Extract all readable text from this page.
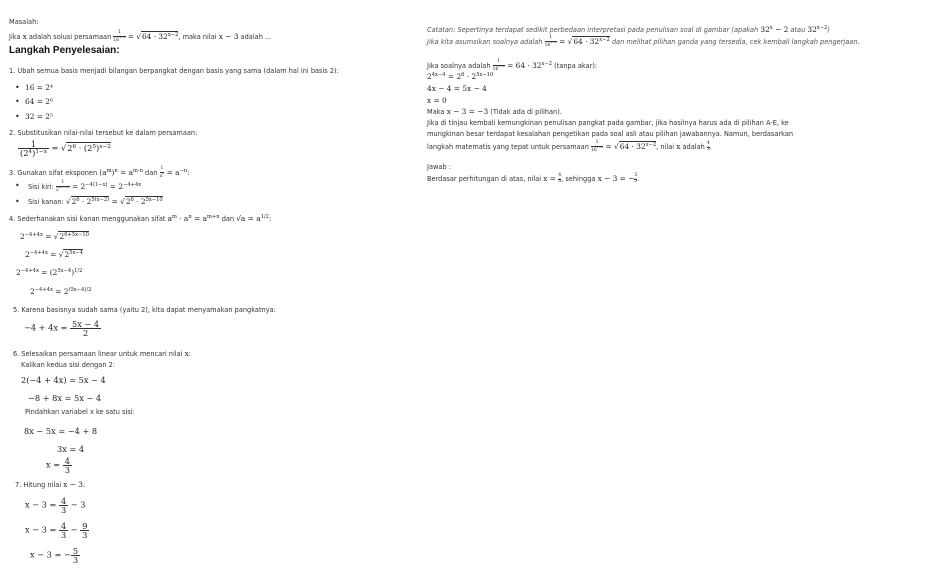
Masalah:
Jika x adalah solusi persamaan $\frac{1}{16^{1-x}} = √64 \cdot 32^{x-2}$, maka nilai x − 3 adalah ...
Langkah Penyelesaian:
1. Ubah semua basis menjadi bilangan berpangkat dengan basis yang sama (dalam hal ini basis 2):
• 16 = 2⁴
• 64 = 2⁶
• 32 = 2⁵
2. Substitusikan nilai-nilai tersebut ke dalam persamaan:
$\frac{1}{(2^4)^{1-x}} = √2^6 \cdot (2^5)^{x-2}$
3. Gunakan sifat eksponen $(a^m)^n = a^{m\cdot n}$ dan $\frac{1}{a^n} = a^{-n}$:
• Sisi kiri: $\frac{1}{2^{4(1-x)}} = 2^{-4(1-x)} = 2^{-4+4x}$
• Sisi kanan: $√2^6 \cdot 2^{5(x-2)} = √2^6 \cdot 2^{5x-10}$
4. Sederhanakan sisi kanan menggunakan sifat $a^m \cdot a^n = a^{m+n}$ dan $√a = a^{1/2}$:
$2^{-4+4x} = √2^{6+5x-10}$
$2^{-4+4x} = √2^{5x-4}$
$2^{-4+4x} = (2^{5x-4})^{1/2}$
$2^{-4+4x} = 2^{(5x-4)/2}$
5. Karena basisnya sudah sama (yaitu 2), kita dapat menyamakan pangkatnya:
$-4 + 4x = \frac{5x - 4}{2}$
6. Selesaikan persamaan linear untuk mencari nilai x:
Kalikan kedua sisi dengan 2:
2(−4 + 4x) = 5x − 4
−8 + 8x = 5x − 4
Pindahkan variabel x ke satu sisi:
8x − 5x = −4 + 8
3x = 4
$x = \frac{4}{3}$
7. Hitung nilai x − 3:
$x - 3 = \frac{4}{3} - 3$
$x - 3 = \frac{4}{3} - \frac{9}{3}$
x − 3 = − $\frac{5}{3}$
Catatan: Sepertinya terdapat sedikit perbedaan interpretasi pada penulisan soal di gambar (apakah $32^x - 2$ atau $32^{x-2}$)
Jika kita asumsikan soalnya adalah $\frac{1}{16^{1-x}} = √64 \cdot 32^{x-2}$ dan melihat pilihan ganda yang tersedia, cek kembali langkah pengerjaan.
Jika soalnya adalah $\frac{1}{16^{1-x}} = 64 \cdot 32^{x-2}$ (tanpa akar):
$2^{4x-4} = 2^6 \cdot 2^{5x-10}$
4x − 4 = 5x − 4
x = 0
Maka x − 3 = −3 (Tidak ada di pilihan).
Jika di tinjau kembali kemungkinan penulisan pangkat pada gambar, jika hasilnya harus ada di pilihan A-E, ke
mungkinan besar terdapat kesalahan pengetikan pada soal asli atau pilihan jawabannya. Namun, berdasarkan
langkah matematis yang tepat untuk persamaan $\frac{1}{16^{1-x}} = √64 \cdot 32^{x-2}$, nilai x adalah $\frac{4}{3}$ .
Jawab :
Berdasar perhitungan di atas, nilai $x = \frac{4}{3}$ , sehingga x − 3 = − $\frac{5}{3}$ .
